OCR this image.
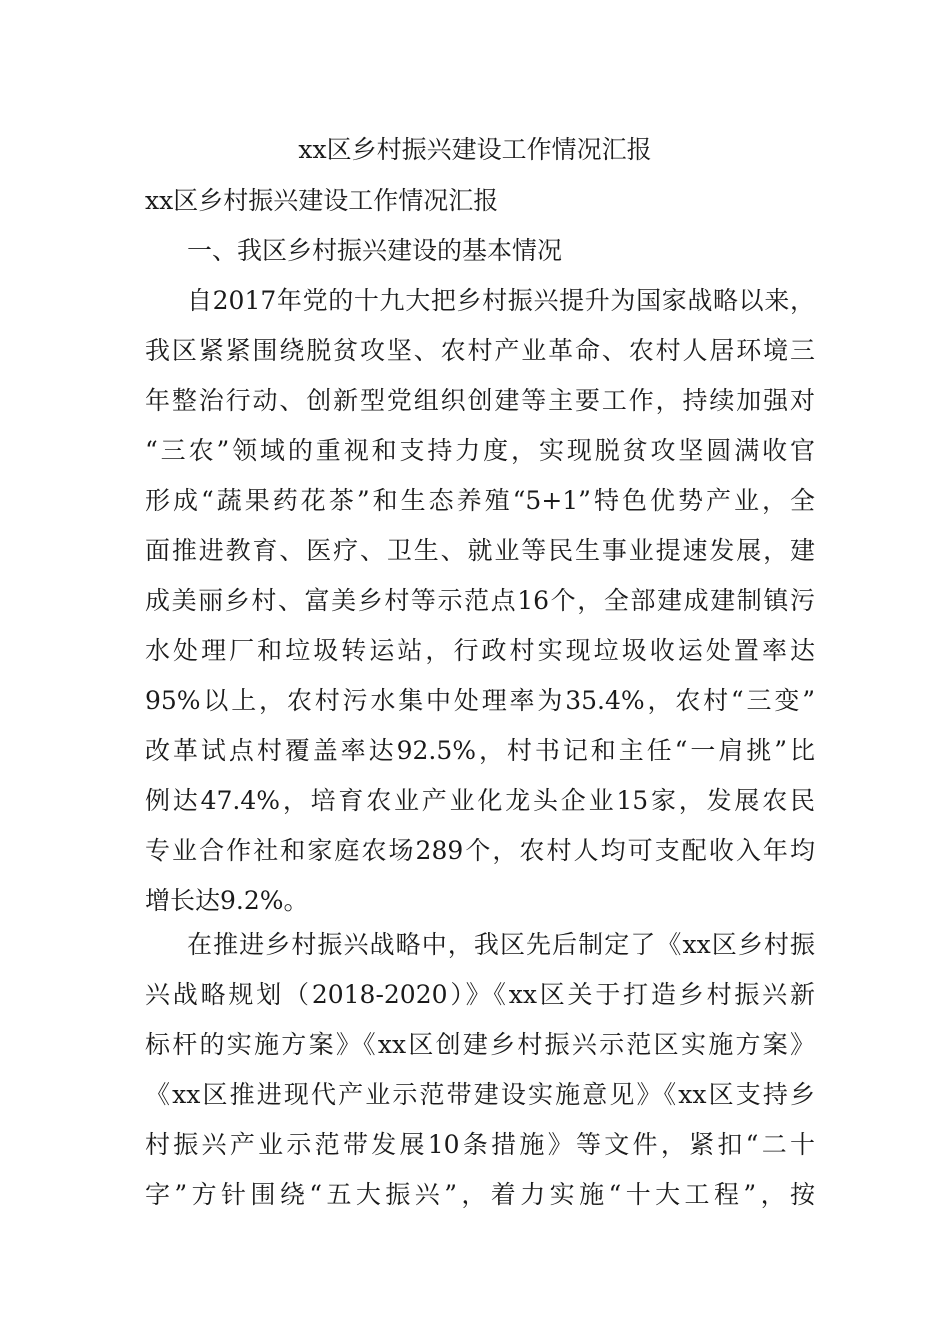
xx区乡村振兴建设工作情况汇报
xx区乡村振兴建设工作情况汇报
一、我区乡村振兴建设的基本情况
自2017年党的十九大把乡村振兴提升为国家战略以来，
我区紧紧围绕脱贫攻坚、农村产业革命、农村人居环境三
年整治行动、创新型党组织创建等主要工作，持续加强对
“三农”领域的重视和支持力度，实现脱贫攻坚圆满收官
形成“蔬果药花茶”和生态养殖“5+1”特色优势产业，全
面推进教育、医疗、卫生、就业等民生事业提速发展，建
成美丽乡村、富美乡村等示范点16个，全部建成建制镇污
水处理厂和垃圾转运站，行政村实现垃圾收运处置率达
95%以上，农村污水集中处理率为35.4%，农村“三变”
改革试点村覆盖率达92.5%，村书记和主任“一肩挑”比
例达47.4%，培育农业产业化龙头企业15家，发展农民
专业合作社和家庭农场289个，农村人均可支配收入年均
增长达9.2%。
在推进乡村振兴战略中，我区先后制定了《xx区乡村振
兴战略规划（2018-2020）》《xx区关于打造乡村振兴新
标杆的实施方案》《xx区创建乡村振兴示范区实施方案》
《xx区推进现代产业示范带建设实施意见》《xx区支持乡
村振兴产业示范带发展10条措施》等文件，紧扣“二十
字”方针围绕“五大振兴”，着力实施“十大工程”，按
